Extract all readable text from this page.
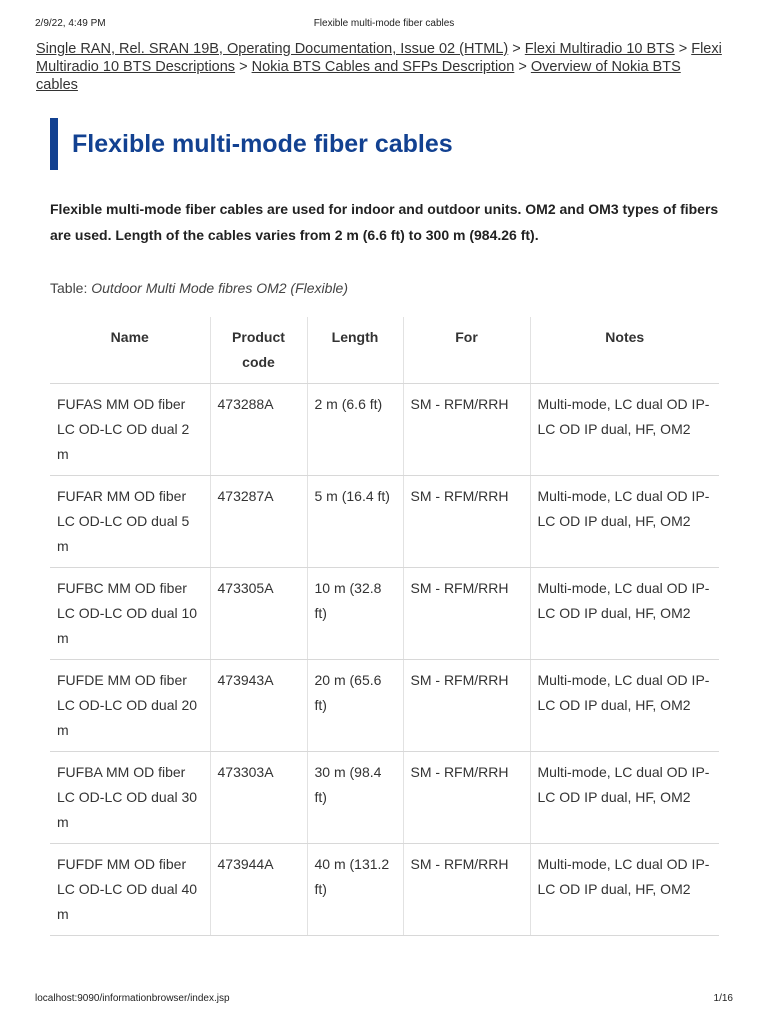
2/9/22, 4:49 PM	Flexible multi-mode fiber cables
Single RAN, Rel. SRAN 19B, Operating Documentation, Issue 02 (HTML) > Flexi Multiradio 10 BTS > Flexi Multiradio 10 BTS Descriptions > Nokia BTS Cables and SFPs Description > Overview of Nokia BTS cables
Flexible multi-mode fiber cables

Flexible multi-mode fiber cables are used for indoor and outdoor units. OM2 and OM3 types of fibers are used. Length of the cables varies from 2 m (6.6 ft) to 300 m (984.26 ft).

Table: Outdoor Multi Mode fibres OM2 (Flexible)
Name	Product code	Length	For	Notes
FUFAS MM OD fiber LC OD-LC OD dual 2 m	473288A	2 m (6.6 ft)	SM - RFM/RRH	Multi-mode, LC dual OD IP-LC OD IP dual, HF, OM2
FUFAR MM OD fiber LC OD-LC OD dual 5 m	473287A	5 m (16.4 ft)	SM - RFM/RRH	Multi-mode, LC dual OD IP-LC OD IP dual, HF, OM2
FUFBC MM OD fiber LC OD-LC OD dual 10 m	473305A	10 m (32.8 ft)	SM - RFM/RRH	Multi-mode, LC dual OD IP-LC OD IP dual, HF, OM2
FUFDE MM OD fiber LC OD-LC OD dual 20 m	473943A	20 m (65.6 ft)	SM - RFM/RRH	Multi-mode, LC dual OD IP-LC OD IP dual, HF, OM2
FUFBA MM OD fiber LC OD-LC OD dual 30 m	473303A	30 m (98.4 ft)	SM - RFM/RRH	Multi-mode, LC dual OD IP-LC OD IP dual, HF, OM2
FUFDF MM OD fiber LC OD-LC OD dual 40 m	473944A	40 m (131.2 ft)	SM - RFM/RRH	Multi-mode, LC dual OD IP-LC OD IP dual, HF, OM2
localhost:9090/informationbrowser/index.jsp	1/16
